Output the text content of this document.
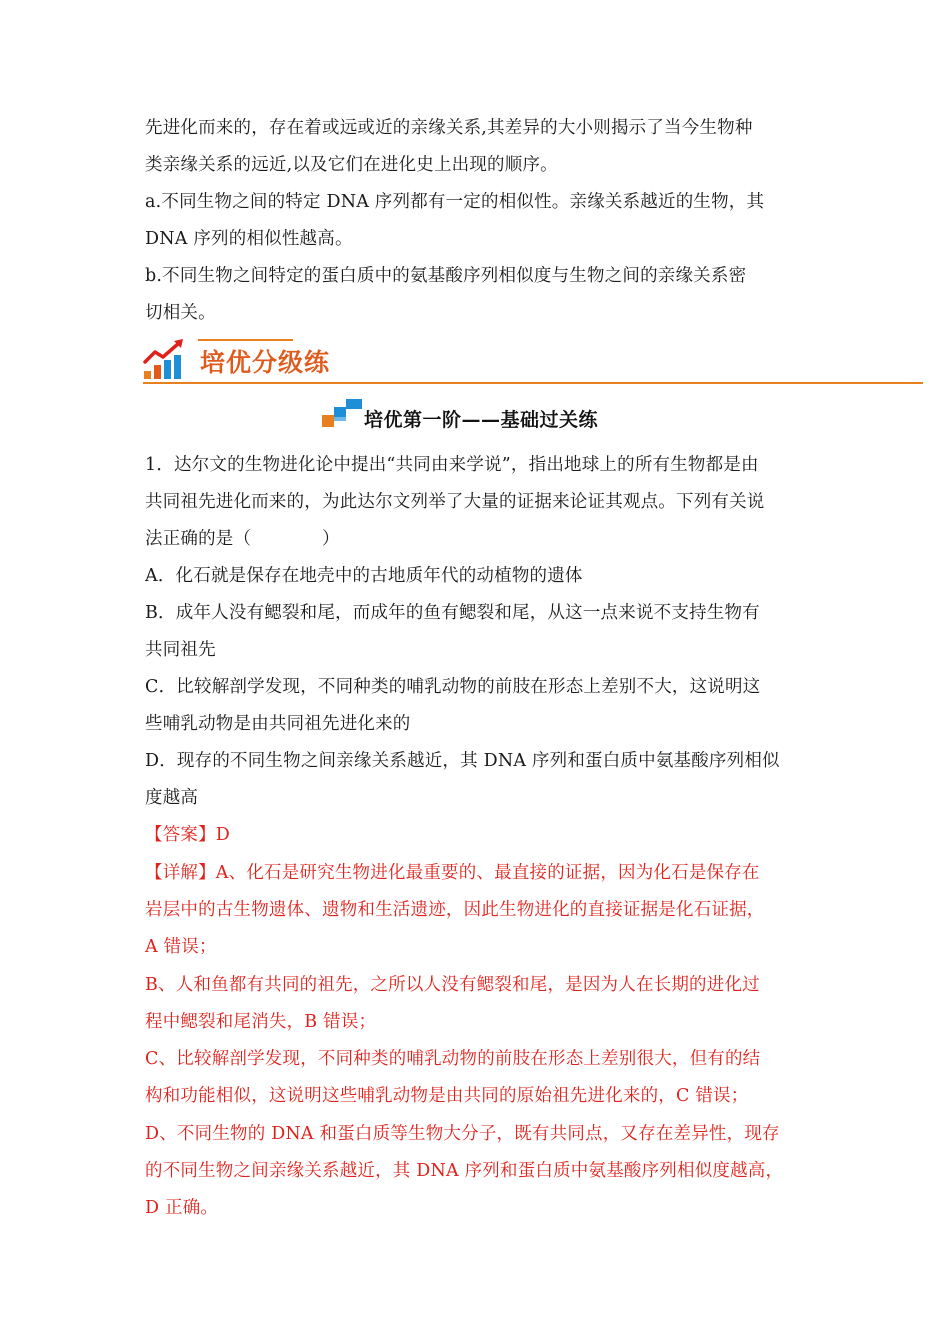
先进化而来的，存在着或远或近的亲缘关系,其差异的大小则揭示了当今生物种
类亲缘关系的远近,以及它们在进化史上出现的顺序。
a.不同生物之间的特定 DNA 序列都有一定的相似性。亲缘关系越近的生物，其
DNA 序列的相似性越高。
b.不同生物之间特定的蛋白质中的氨基酸序列相似度与生物之间的亲缘关系密
切相关。
培优分级练
培优第一阶——基础过关练
1．达尔文的生物进化论中提出“共同由来学说”，指出地球上的所有生物都是由
共同祖先进化而来的，为此达尔文列举了大量的证据来论证其观点。下列有关说
法正确的是（　　　　）
A．化石就是保存在地壳中的古地质年代的动植物的遗体
B．成年人没有鳃裂和尾，而成年的鱼有鳃裂和尾，从这一点来说不支持生物有
共同祖先
C．比较解剖学发现，不同种类的哺乳动物的前肢在形态上差别不大，这说明这
些哺乳动物是由共同祖先进化来的
D．现存的不同生物之间亲缘关系越近，其 DNA 序列和蛋白质中氨基酸序列相似
度越高
【答案】D
【详解】A、化石是研究生物进化最重要的、最直接的证据，因为化石是保存在
岩层中的古生物遗体、遗物和生活遗迹，因此生物进化的直接证据是化石证据，
A 错误；
B、人和鱼都有共同的祖先，之所以人没有鳃裂和尾，是因为人在长期的进化过
程中鳃裂和尾消失，B 错误；
C、比较解剖学发现，不同种类的哺乳动物的前肢在形态上差别很大，但有的结
构和功能相似，这说明这些哺乳动物是由共同的原始祖先进化来的，C 错误；
D、不同生物的 DNA 和蛋白质等生物大分子，既有共同点，又存在差异性，现存
的不同生物之间亲缘关系越近，其 DNA 序列和蛋白质中氨基酸序列相似度越高，
D 正确。
